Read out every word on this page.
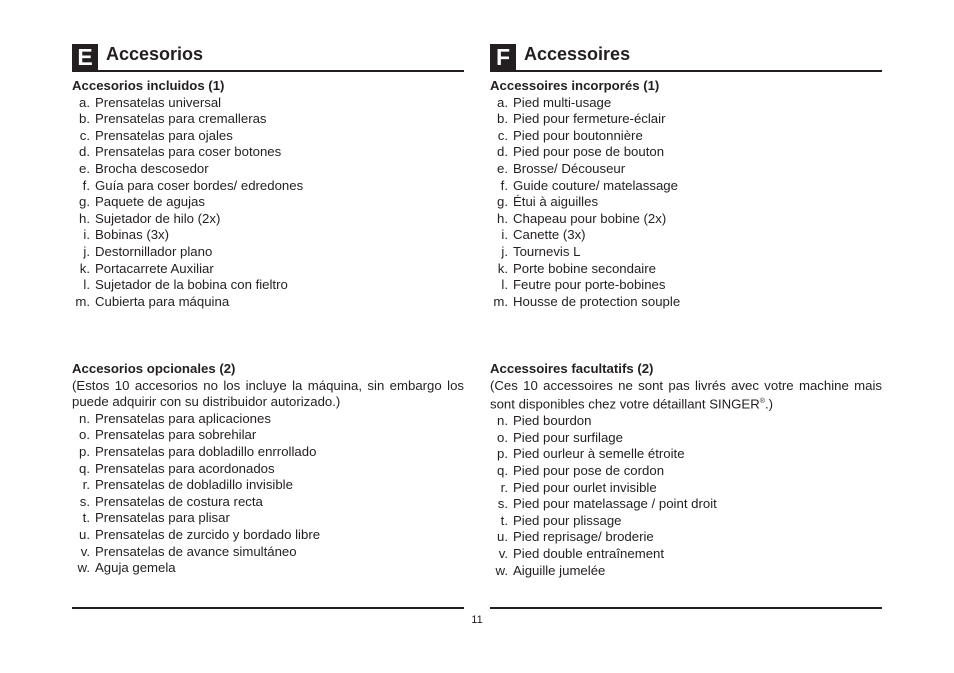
E Accesorios
Accesorios incluidos (1)
a. Prensatelas universal
b. Prensatelas para cremalleras
c. Prensatelas para ojales
d. Prensatelas para coser botones
e. Brocha descosedor
f. Guía para coser bordes/ edredones
g. Paquete de agujas
h. Sujetador de hilo (2x)
i. Bobinas (3x)
j. Destornillador plano
k. Portacarrete Auxiliar
l. Sujetador de la bobina con fieltro
m. Cubierta para máquina
Accesorios opcionales (2)
(Estos 10 accesorios no los incluye la máquina, sin embargo los puede adquirir con su distribuidor autorizado.)
n. Prensatelas para aplicaciones
o. Prensatelas para sobrehilar
p. Prensatelas para dobladillo enrrollado
q. Prensatelas para acordonados
r. Prensatelas de dobladillo invisible
s. Prensatelas de costura recta
t. Prensatelas para plisar
u. Prensatelas de zurcido y bordado libre
v. Prensatelas de avance simultáneo
w. Aguja gemela
F Accessoires
Accessoires incorporés (1)
a. Pied multi-usage
b. Pied pour fermeture-éclair
c. Pied pour boutonnière
d. Pied pour pose de bouton
e. Brosse/ Découseur
f. Guide couture/ matelassage
g. Étui à aiguilles
h. Chapeau pour bobine (2x)
i. Canette (3x)
j. Tournevis L
k. Porte bobine secondaire
l. Feutre pour porte-bobines
m. Housse de protection souple
Accessoires facultatifs (2)
(Ces 10 accessoires ne sont pas livrés avec votre machine mais sont disponibles chez votre détaillant SINGER®.)
n. Pied bourdon
o. Pied pour surfilage
p. Pied ourleur à semelle étroite
q. Pied pour pose de cordon
r. Pied pour ourlet invisible
s. Pied pour matelassage / point droit
t. Pied pour plissage
u. Pied reprisage/ broderie
v. Pied double entraînement
w. Aiguille jumelée
11
